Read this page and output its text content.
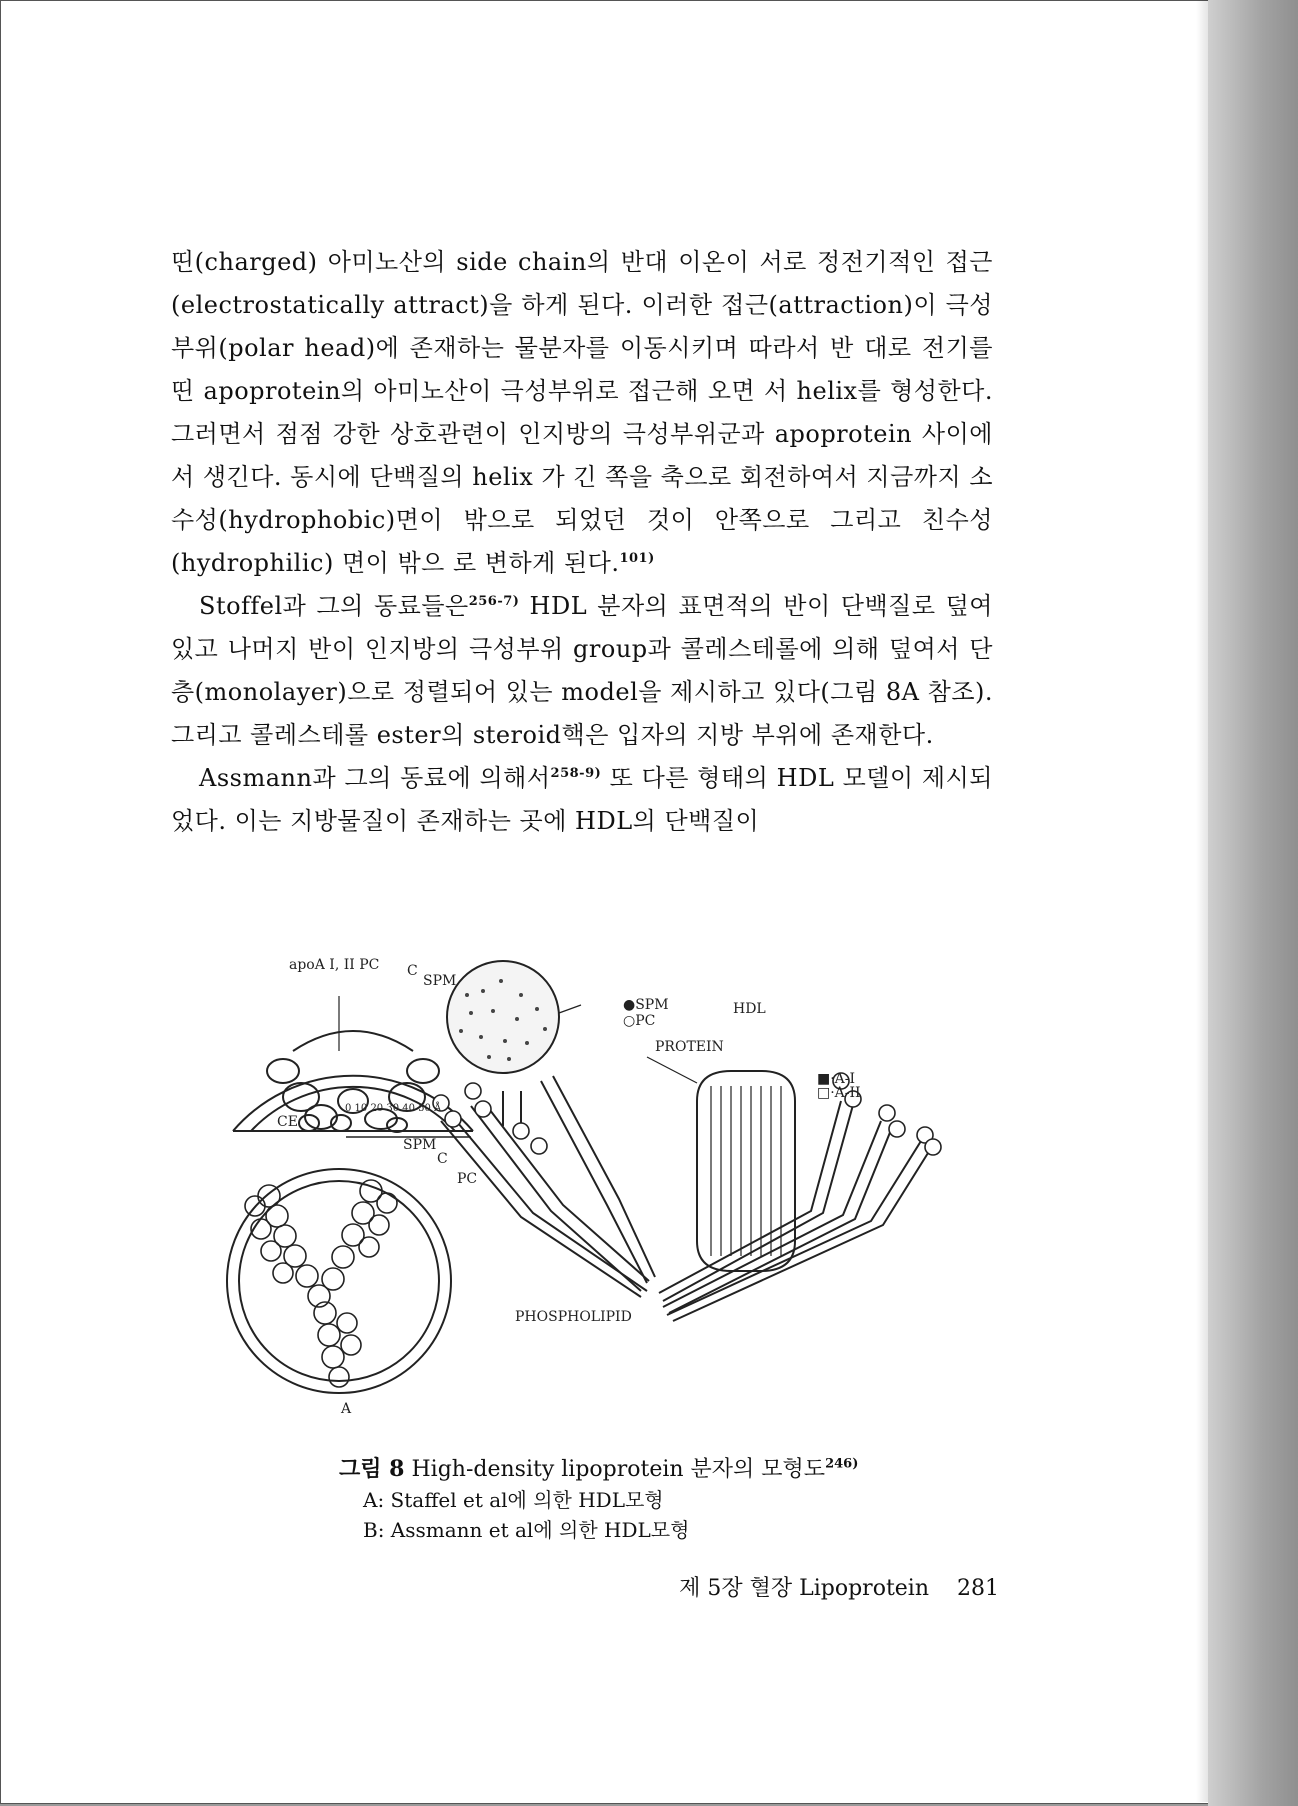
띤(charged) 아미노산의 side chain의 반대 이온이 서로 정전기적인 접근(electrostatically attract)을 하게 된다. 이러한 접근(attraction)이 극성부위(polar head)에 존재하는 물분자를 이동시키며 따라서 반 대로 전기를 띤 apoprotein의 아미노산이 극성부위로 접근해 오면 서 helix를 형성한다. 그러면서 점점 강한 상호관련이 인지방의 극성부위군과 apoprotein 사이에서 생긴다. 동시에 단백질의 helix 가 긴 쪽을 축으로 회전하여서 지금까지 소수성(hydrophobic)면이 밖으로 되었던 것이 안쪽으로 그리고 친수성(hydrophilic) 면이 밖으 로 변하게 된다.$^{101)}$

Stoffel과 그의 동료들은$^{256-7)}$ HDL 분자의 표면적의 반이 단백질로 덮여 있고 나머지 반이 인지방의 극성부위 group과 콜레스테롤에 의해 덮여서 단층(monolayer)으로 정렬되어 있는 model을 제시하고 있다(그림 8A 참조). 그리고 콜레스테롤 ester의 steroid핵은 입자의 지방 부위에 존재한다.

Assmann과 그의 동료에 의해서$^{258-9)}$ 또 다른 형태의 HDL 모델이 제시되었다. 이는 지방물질이 존재하는 곳에 HDL의 단백질이

apoA I, II PC C
SPM
CE
0 10 20 30 40 50 Å
SPM
C
PC
A
●SPM
○PC
HDL
PROTEIN
■·A-I
□·A-II
PHOSPHOLIPID
그림 8 High-density lipoprotein 분자의 모형도$^{246)}$
A: Staffel et al에 의한 HDL모형
B: Assmann et al에 의한 HDL모형
제 5장 혈장 Lipoprotein 281
